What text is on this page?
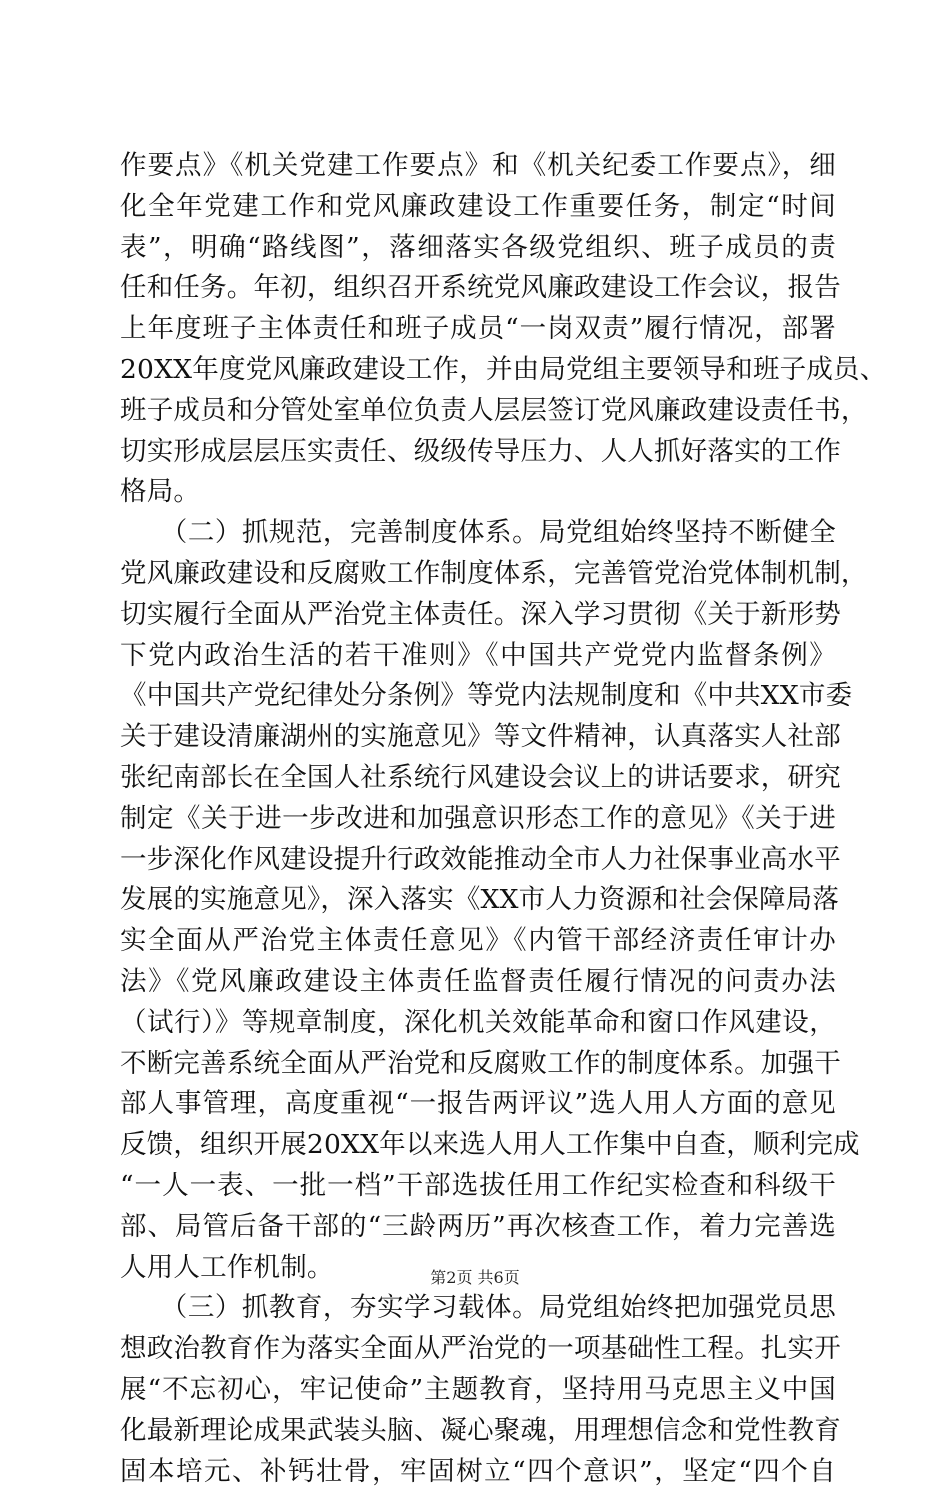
作要点》《机关党建工作要点》和《机关纪委工作要点》，细
化全年党建工作和党风廉政建设工作重要任务，制定“时间
表”，明确“路线图”，落细落实各级党组织、班子成员的责
任和任务。年初，组织召开系统党风廉政建设工作会议，报告
上年度班子主体责任和班子成员“一岗双责”履行情况，部署
20XX年度党风廉政建设工作，并由局党组主要领导和班子成员、
班子成员和分管处室单位负责人层层签订党风廉政建设责任书，
切实形成层层压实责任、级级传导压力、人人抓好落实的工作
格局。
　　（二）抓规范，完善制度体系。局党组始终坚持不断健全
党风廉政建设和反腐败工作制度体系，完善管党治党体制机制，
切实履行全面从严治党主体责任。深入学习贯彻《关于新形势
下党内政治生活的若干准则》《中国共产党党内监督条例》
《中国共产党纪律处分条例》等党内法规制度和《中共XX市委
关于建设清廉湖州的实施意见》等文件精神，认真落实人社部
张纪南部长在全国人社系统行风建设会议上的讲话要求，研究
制定《关于进一步改进和加强意识形态工作的意见》《关于进
一步深化作风建设提升行政效能推动全市人力社保事业高水平
发展的实施意见》，深入落实《XX市人力资源和社会保障局落
实全面从严治党主体责任意见》《内管干部经济责任审计办
法》《党风廉政建设主体责任监督责任履行情况的问责办法
（试行）》等规章制度，深化机关效能革命和窗口作风建设，
不断完善系统全面从严治党和反腐败工作的制度体系。加强干
部人事管理，高度重视“一报告两评议”选人用人方面的意见
反馈，组织开展20XX年以来选人用人工作集中自查，顺利完成
“一人一表、一批一档”干部选拔任用工作纪实检查和科级干
部、局管后备干部的“三龄两历”再次核查工作，着力完善选
人用人工作机制。
　　（三）抓教育，夯实学习载体。局党组始终把加强党员思
想政治教育作为落实全面从严治党的一项基础性工程。扎实开
展“不忘初心，牢记使命”主题教育，坚持用马克思主义中国
化最新理论成果武装头脑、凝心聚魂，用理想信念和党性教育
固本培元、补钙壮骨，牢固树立“四个意识”，坚定“四个自
第2页 共6页
